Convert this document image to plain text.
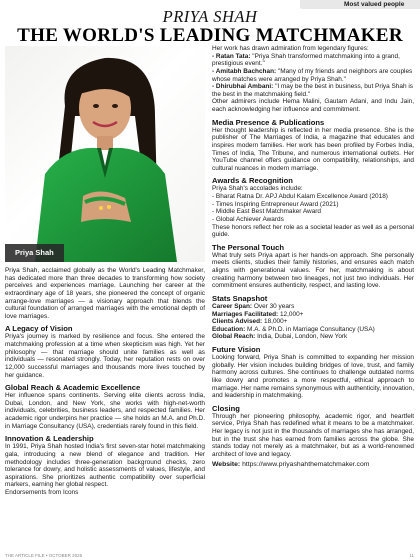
Most valued people
PRIYA SHAH
THE WORLD'S LEADING MATCHMAKER
Priya Shah

Priya Shah, acclaimed globally as the World's Leading Matchmaker, has dedicated more than three decades to transforming how society perceives and experiences marriage. Launching her career at the extraordinary age of 18 years, she pioneered the concept of organic arrange-love marriages — a visionary approach that blends the cultural foundation of arranged marriages with the emotional depth of love marriages.

A Legacy of Vision

Priya's journey is marked by resilience and focus. She entered the matchmaking profession at a time when skepticism was high. Yet her philosophy — that marriage should unite families as well as individuals — resonated strongly. Today, her reputation rests on over 12,000 successful marriages and thousands more lives touched by her guidance.

Global Reach & Academic Excellence

Her influence spans continents. Serving elite clients across India, Dubai, London, and New York, she works with high-net-worth individuals, celebrities, business leaders, and respected families. Her academic rigor underpins her practice — she holds an M.A. and Ph.D. in Marriage Consultancy (USA), credentials rarely found in this field.

Innovation & Leadership

In 1991, Priya Shah hosted India's first seven-star hotel matchmaking gala, introducing a new blend of elegance and tradition. Her methodology includes three-generation background checks, zero tolerance for dowry, and holistic assessments of values, lifestyle, and aspirations. She prioritizes authentic compatibility over superficial markers, earning her global respect.

Endorsements from Icons

Her work has drawn admiration from legendary figures:

- Ratan Tata: "Priya Shah transformed matchmaking into a grand, prestigious event."
- Amitabh Bachchan: "Many of my friends and neighbors are couples whose matches were arranged by Priya Shah."
- Dhirubhai Ambani: "I may be the best in business, but Priya Shah is the best in the matchmaking field."

Other admirers include Hema Malini, Gautam Adani, and Indu Jain, each acknowledging her influence and commitment.

Media Presence & Publications

Her thought leadership is reflected in her media presence. She is the publisher of The Marriages of India, a magazine that educates and inspires modern families. Her work has been profiled by Forbes India, Times of India, The Tribune, and numerous international outlets. Her YouTube channel offers guidance on compatibility, relationships, and cultural nuances in modern marriage.

Awards & Recognition
Priya Shah's accolades include:
- Bharat Ratna Dr. APJ Abdul Kalam Excellence Award (2018)
- Times Inspiring Entrepreneur Award (2021)
- Middle East Best Matchmaker Award
- Global Achiever Awards

These honors reflect her role as a societal leader as well as a personal guide.

The Personal Touch

What truly sets Priya apart is her hands-on approach. She personally meets clients, studies their family histories, and ensures each match aligns with generational values. For her, matchmaking is about creating harmony between two lineages, not just two individuals. Her commitment ensures authenticity, respect, and lasting love.

Stats Snapshot
Career Span: Over 30 years
Marriages Facilitated: 12,000+
Clients Advised: 18,000+
Education: M.A. & Ph.D. in Marriage Consultancy (USA)
Global Reach: India, Dubai, London, New York
Future Vision

Looking forward, Priya Shah is committed to expanding her mission globally. Her vision includes building bridges of love, trust, and family harmony across cultures. She continues to challenge outdated norms like dowry and promotes a more respectful, ethical approach to marriage. Her name remains synonymous with authenticity, innovation, and leadership in matchmaking.

Closing

Through her pioneering philosophy, academic rigor, and heartfelt service, Priya Shah has redefined what it means to be a matchmaker. Her legacy is not just in the thousands of marriages she has arranged, but in the trust she has earned from families across the globe. She stands today not merely as a matchmaker, but as a world-renowned architect of love and legacy.

Website: https://www.priyashahthematchmaker.com
THE ARTICLE FILE • OCTOBER 2025	11
